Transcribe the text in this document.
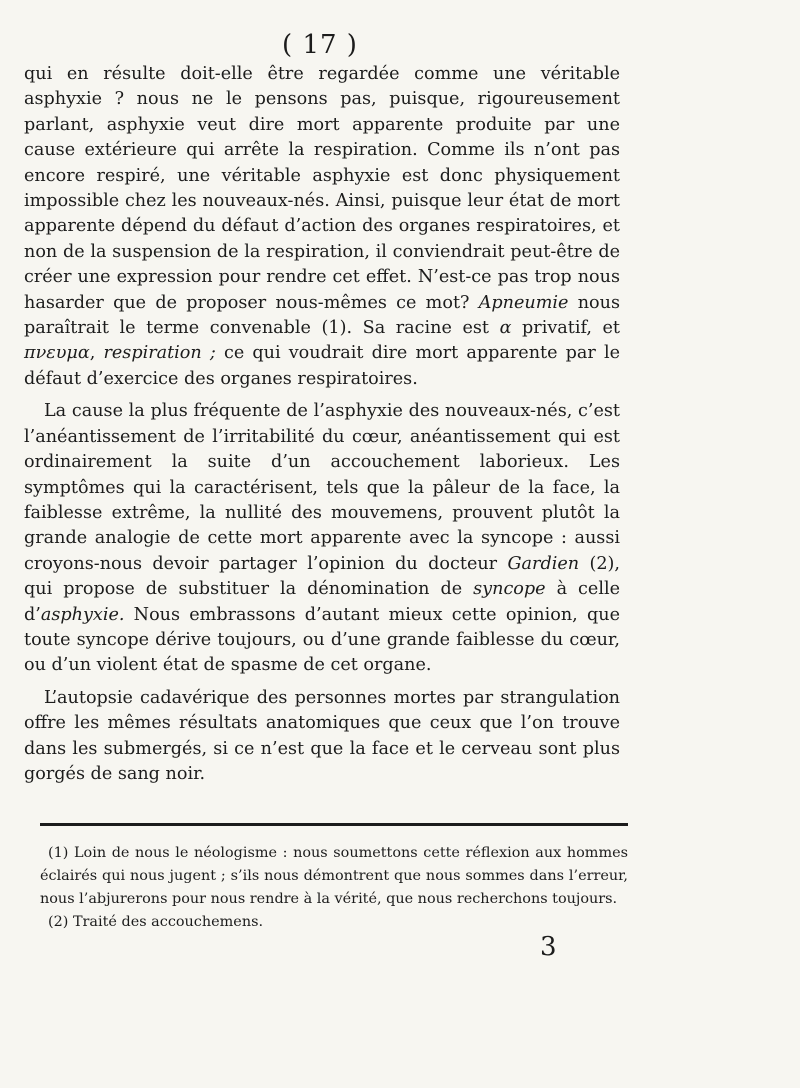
( 17 )

qui en résulte doit-elle être regardée comme une véritable asphyxie ? nous ne le pensons pas, puisque, rigoureusement parlant, asphyxie veut dire mort apparente produite par une cause extérieure qui arrête la respiration. Comme ils n’ont pas encore respiré, une véritable asphyxie est donc physiquement impossible chez les nouveaux-nés. Ainsi, puisque leur état de mort apparente dépend du défaut d’action des organes respiratoires, et non de la suspension de la respiration, il conviendrait peut-être de créer une expression pour rendre cet effet. N’est-ce pas trop nous hasarder que de proposer nous-mêmes ce mot? Apneumie nous paraîtrait le terme convenable (1). Sa racine est α privatif, et πνευμα, respiration ; ce qui voudrait dire mort apparente par le défaut d’exercice des organes respiratoires.

La cause la plus fréquente de l’asphyxie des nouveaux-nés, c’est l’anéantissement de l’irritabilité du cœur, anéantissement qui est ordinairement la suite d’un accouchement laborieux. Les symptômes qui la caractérisent, tels que la pâleur de la face, la faiblesse extrême, la nullité des mouvemens, prouvent plutôt la grande analogie de cette mort apparente avec la syncope : aussi croyons-nous devoir partager l’opinion du docteur Gardien (2), qui propose de substituer la dénomination de syncope à celle d’asphyxie. Nous embrassons d’autant mieux cette opinion, que toute syncope dérive toujours, ou d’une grande faiblesse du cœur, ou d’un violent état de spasme de cet organe.

L’autopsie cadavérique des personnes mortes par strangulation offre les mêmes résultats anatomiques que ceux que l’on trouve dans les submergés, si ce n’est que la face et le cerveau sont plus gorgés de sang noir.

(1) Loin de nous le néologisme : nous soumettons cette réflexion aux hommes éclairés qui nous jugent ; s’ils nous démontrent que nous sommes dans l’erreur, nous l’abjurerons pour nous rendre à la vérité, que nous recherchons toujours.

(2) Traité des accouchemens.

3
